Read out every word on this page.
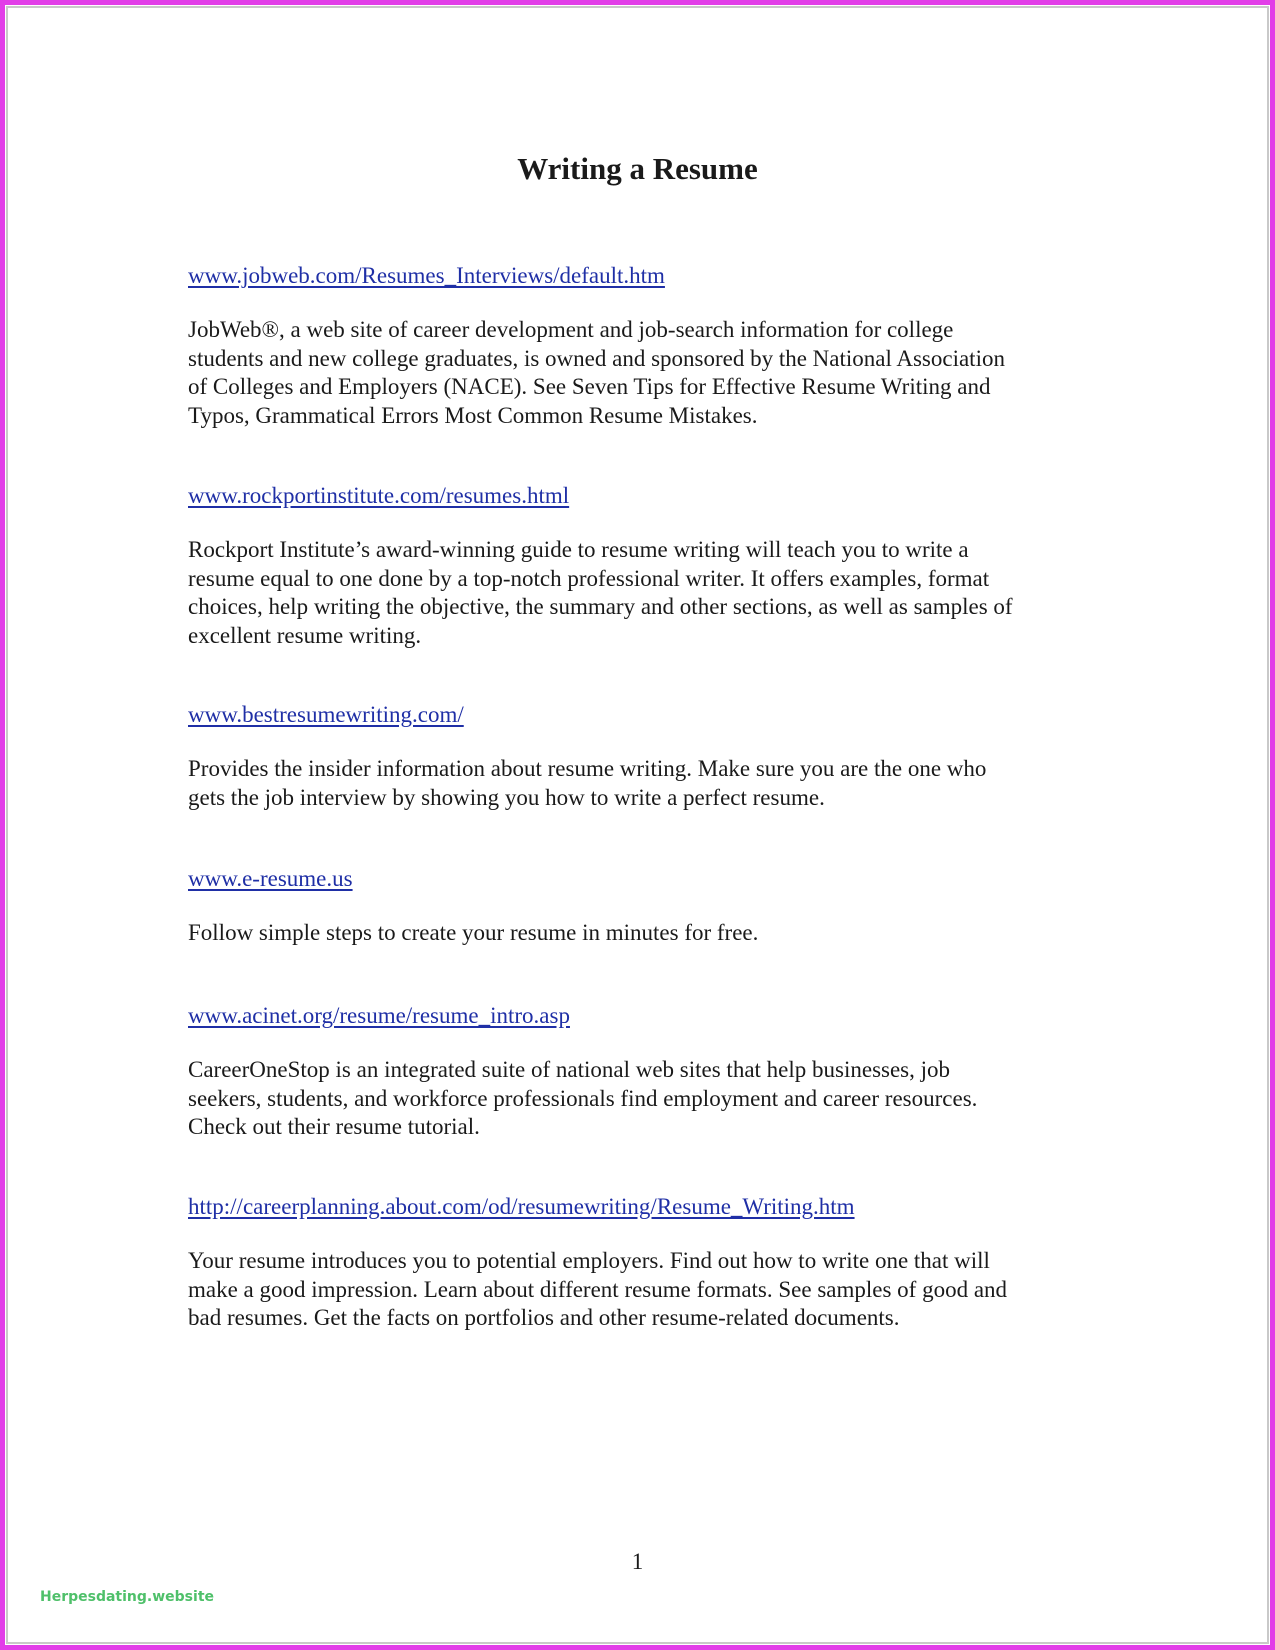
Writing a Resume
www.jobweb.com/Resumes_Interviews/default.htm

JobWeb®, a web site of career development and job-search information for college
students and new college graduates, is owned and sponsored by the National Association
of Colleges and Employers (NACE). See Seven Tips for Effective Resume Writing and
Typos, Grammatical Errors Most Common Resume Mistakes.

www.rockportinstitute.com/resumes.html

Rockport Institute’s award-winning guide to resume writing will teach you to write a
resume equal to one done by a top-notch professional writer. It offers examples, format
choices, help writing the objective, the summary and other sections, as well as samples of
excellent resume writing.

www.bestresumewriting.com/

Provides the insider information about resume writing. Make sure you are the one who
gets the job interview by showing you how to write a perfect resume.

www.e-resume.us

Follow simple steps to create your resume in minutes for free.

www.acinet.org/resume/resume_intro.asp

CareerOneStop is an integrated suite of national web sites that help businesses, job
seekers, students, and workforce professionals find employment and career resources.
Check out their resume tutorial.

http://careerplanning.about.com/od/resumewriting/Resume_Writing.htm

Your resume introduces you to potential employers. Find out how to write one that will
make a good impression. Learn about different resume formats. See samples of good and
bad resumes. Get the facts on portfolios and other resume-related documents.

1
Herpesdating.website
